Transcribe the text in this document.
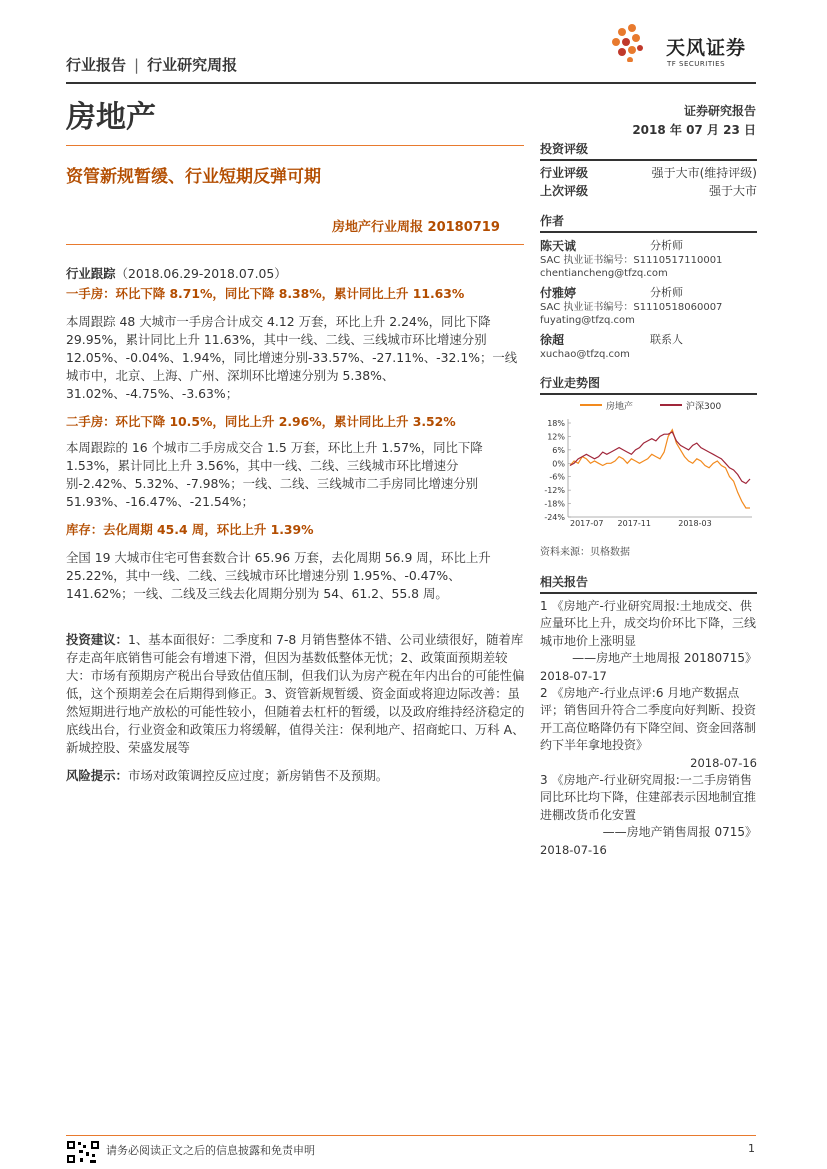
行业报告 | 行业研究周报
天风证券
TF SECURITIES
房地产	证券研究报告
2018 年 07 月 23 日
资管新规暂缓、行业短期反弹可期
房地产行业周报 20180719

行业跟踪（2018.06.29-2018.07.05）

一手房：环比下降 8.71%，同比下降 8.38%，累计同比上升 11.63%

本周跟踪 48 大城市一手房合计成交 4.12 万套，环比上升 2.24%，同比下降 29.95%，累计同比上升 11.63%，其中一线、二线、三线城市环比增速分别 12.05%、-0.04%、1.94%，同比增速分别-33.57%、-27.11%、-32.1%；一线城市中，北京、上海、广州、深圳环比增速分别为 5.38%、31.02%、-4.75%、-3.63%；

二手房：环比下降 10.5%，同比上升 2.96%，累计同比上升 3.52%

本周跟踪的 16 个城市二手房成交合 1.5 万套，环比上升 1.57%，同比下降 1.53%，累计同比上升 3.56%，其中一线、二线、三线城市环比增速分别-2.42%、5.32%、-7.98%；一线、二线、三线城市二手房同比增速分别 51.93%、-16.47%、-21.54%；

库存：去化周期 45.4 周，环比上升 1.39%

全国 19 大城市住宅可售套数合计 65.96 万套，去化周期 56.9 周，环比上升 25.22%，其中一线、二线、三线城市环比增速分别 1.95%、-0.47%、141.62%；一线、二线及三线去化周期分别为 54、61.2、55.8 周。

投资建议：1、基本面很好：二季度和 7-8 月销售整体不错、公司业绩很好，随着库存走高年底销售可能会有增速下滑，但因为基数低整体无忧；2、政策面预期差较大：市场有预期房产税出台导致估值压制，但我们认为房产税在年内出台的可能性偏低，这个预期差会在后期得到修正。3、资管新规暂缓、资金面或将迎边际改善：虽然短期进行地产放松的可能性较小，但随着去杠杆的暂缓，以及政府维持经济稳定的底线出台，行业资金和政策压力将缓解，值得关注：保利地产、招商蛇口、万科 A、新城控股、荣盛发展等

风险提示：市场对政策调控反应过度；新房销售不及预期。

投资评级
行业评级	强于大市(维持评级)
上次评级	强于大市
作者
陈天诚	分析师
SAC 执业证书编号：S1110517110001
chentiancheng@tfzq.com
付雅婷	分析师
SAC 执业证书编号：S1110518060007
fuyating@tfzq.com
徐超	联系人
xuchao@tfzq.com
行业走势图
房地产	沪深300
18%
12%
6%
0%
-6%
-12%
-18%
-24%
2017-07 2017-11	2018-03
资料来源：贝格数据
相关报告
1 《房地产-行业研究周报:土地成交、供应量环比上升，成交均价环比下降，三线城市地价上涨明显
——房地产土地周报 20180715》
2018-07-17
2 《房地产-行业点评:6 月地产数据点评；销售回升符合二季度向好判断、投资开工高位略降仍有下降空间、资金回落制约下半年拿地投资》
2018-07-16
3 《房地产-行业研究周报:一二手房销售同比环比均下降，住建部表示因地制宜推进棚改货币化安置
——房地产销售周报 0715》
2018-07-16
请务必阅读正文之后的信息披露和免责申明	1
